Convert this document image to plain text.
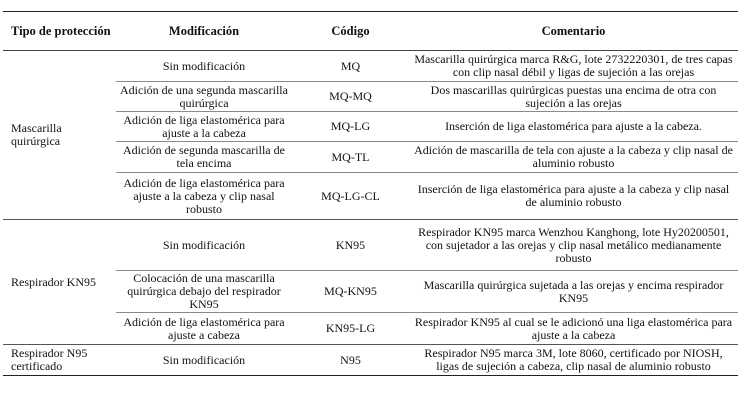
Tipo de protección	Modificación	Código	Comentario
Mascarilla quirúrgica	Sin modificación	MQ	Mascarilla quirúrgica marca R&G, lote 2732220301, de tres capas con clip nasal débil y ligas de sujeción a las orejas
	Adición de una segunda mascarilla quirúrgica	MQ-MQ	Dos mascarillas quirúrgicas puestas una encima de otra con sujeción a las orejas
	Adición de liga elastomérica para ajuste a la cabeza	MQ-LG	Inserción de liga elastomérica para ajuste a la cabeza.
	Adición de segunda mascarilla de tela encima	MQ-TL	Adición de mascarilla de tela con ajuste a la cabeza y clip nasal de aluminio robusto
	Adición de liga elastomérica para ajuste a la cabeza y clip nasal robusto	MQ-LG-CL	Inserción de liga elastomérica para ajuste a la cabeza y clip nasal de aluminio robusto
Respirador KN95	Sin modificación	KN95	Respirador KN95 marca Wenzhou Kanghong, lote Hy20200501, con sujetador a las orejas y clip nasal metálico medianamente robusto
	Colocación de una mascarilla quirúrgica debajo del respirador KN95	MQ-KN95	Mascarilla quirúrgica sujetada a las orejas y encima respirador KN95
	Adición de liga elastomérica para ajuste a cabeza	KN95-LG	Respirador KN95 al cual se le adicionó una liga elastomérica para ajuste a la cabeza
Respirador N95 certificado	Sin modificación	N95	Respirador N95 marca 3M, lote 8060, certificado por NIOSH, ligas de sujeción a cabeza, clip nasal de aluminio robusto
